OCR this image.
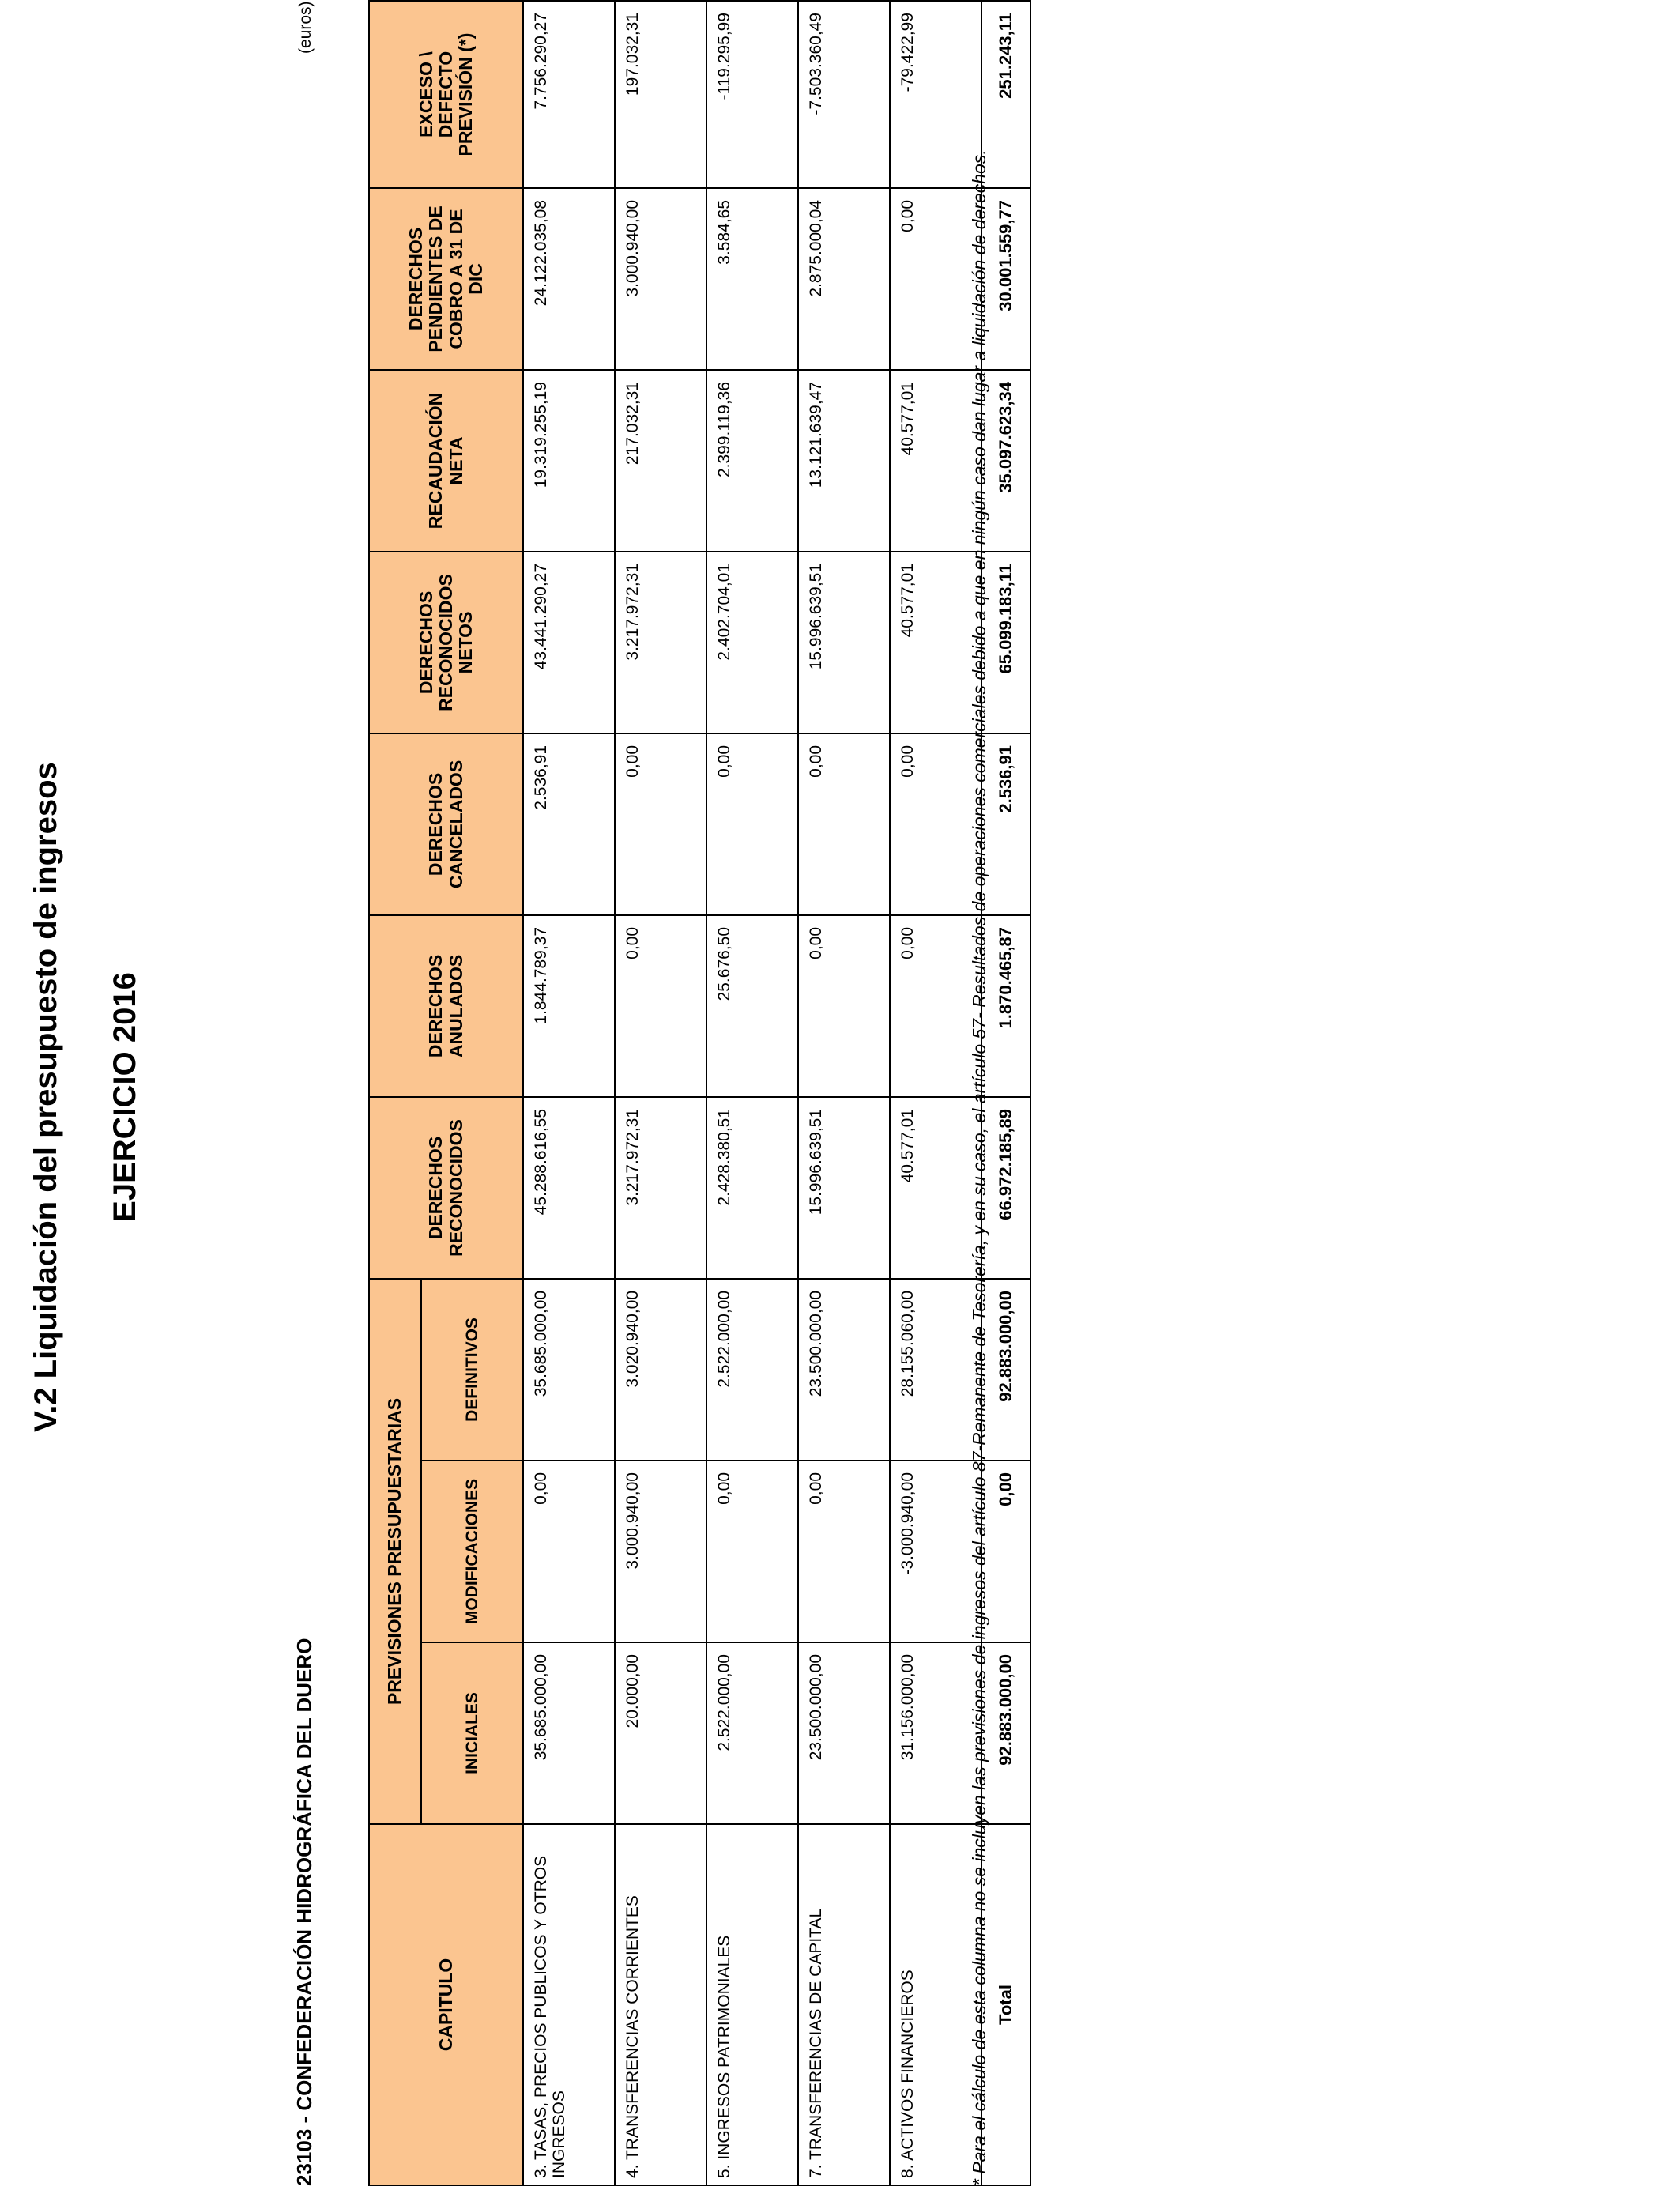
V.2 Liquidación del presupuesto de ingresos EJERCICIO 2016
23103 - CONFEDERACIÓN HIDROGRÁFICA DEL DUERO
(euros)
CAPITULO	PREVISIONES PRESUPUESTARIAS			DERECHOS RECONOCIDOS	DERECHOS ANULADOS	DERECHOS CANCELADOS	DERECHOS RECONOCIDOS NETOS	RECAUDACIÓN NETA	DERECHOS PENDIENTES DE COBRO A 31 DE DIC	EXCESO \ DEFECTO PREVISIÓN (*)
	INICIALES	MODIFICACIONES	DEFINITIVOS							
3. TASAS, PRECIOS PUBLICOS Y OTROS INGRESOS	35.685.000,00	0,00	35.685.000,00	45.288.616,55	1.844.789,37	2.536,91	43.441.290,27	19.319.255,19	24.122.035,08	7.756.290,27
4. TRANSFERENCIAS CORRIENTES	20.000,00	3.000.940,00	3.020.940,00	3.217.972,31	0,00	0,00	3.217.972,31	217.032,31	3.000.940,00	197.032,31
5. INGRESOS PATRIMONIALES	2.522.000,00	0,00	2.522.000,00	2.428.380,51	25.676,50	0,00	2.402.704,01	2.399.119,36	3.584,65	-119.295,99
7. TRANSFERENCIAS DE CAPITAL	23.500.000,00	0,00	23.500.000,00	15.996.639,51	0,00	0,00	15.996.639,51	13.121.639,47	2.875.000,04	-7.503.360,49
8. ACTIVOS FINANCIEROS	31.156.000,00	-3.000.940,00	28.155.060,00	40.577,01	0,00	0,00	40.577,01	40.577,01	0,00	-79.422,99
Total	92.883.000,00	0,00	92.883.000,00	66.972.185,89	1.870.465,87	2.536,91	65.099.183,11	35.097.623,34	30.001.559,77	251.243,11
* Para el cálculo de esta columna no se incluyen las previsiones de ingresos del artículo 87-Remanente de Tesorería, y en su caso, el artículo 57- Resultados de operaciones comerciales debido a que en ningún caso dan lugar a liquidación de derechos.
